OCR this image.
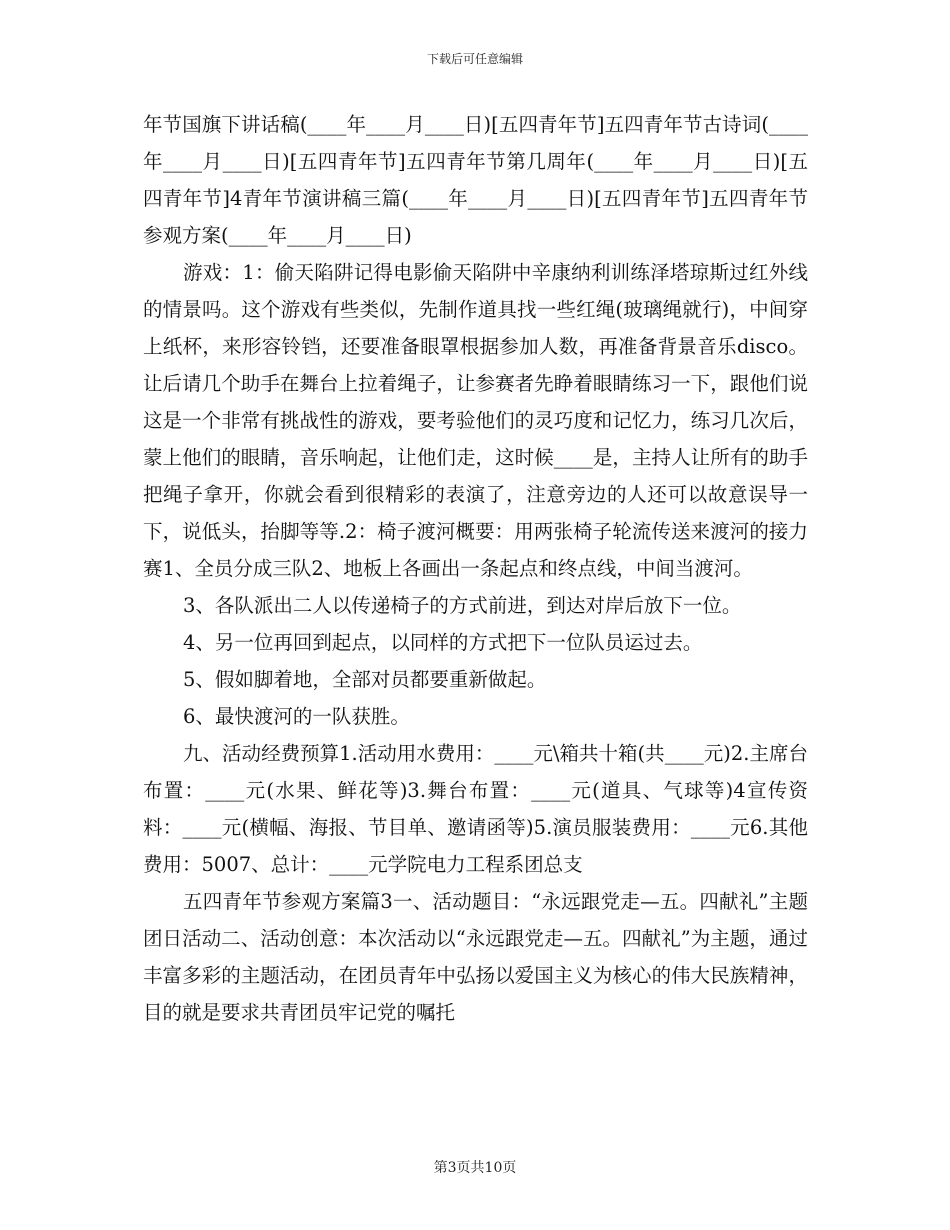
下载后可任意编辑

年节国旗下讲话稿(____年____月____日)[五四青年节]五四青年节古诗词(____年____月____日)[五四青年节]五四青年节第几周年(____年____月____日)[五四青年节]4青年节演讲稿三篇(____年____月____日)[五四青年节]五四青年节参观方案(____年____月____日)

游戏：1：偷天陷阱记得电影偷天陷阱中辛康纳利训练泽塔琼斯过红外线的情景吗。这个游戏有些类似，先制作道具找一些红绳(玻璃绳就行)，中间穿上纸杯，来形容铃铛，还要准备眼罩根据参加人数，再准备背景音乐disco。让后请几个助手在舞台上拉着绳子，让参赛者先睁着眼睛练习一下，跟他们说这是一个非常有挑战性的游戏，要考验他们的灵巧度和记忆力，练习几次后，蒙上他们的眼睛，音乐响起，让他们走，这时候____是，主持人让所有的助手把绳子拿开，你就会看到很精彩的表演了，注意旁边的人还可以故意误导一下，说低头，抬脚等等.2：椅子渡河概要：用两张椅子轮流传送来渡河的接力赛1、全员分成三队2、地板上各画出一条起点和终点线，中间当渡河。

3、各队派出二人以传递椅子的方式前进，到达对岸后放下一位。

4、另一位再回到起点，以同样的方式把下一位队员运过去。

5、假如脚着地，全部对员都要重新做起。

6、最快渡河的一队获胜。

九、活动经费预算1.活动用水费用：____元\箱共十箱(共____元)2.主席台布置：____元(水果、鲜花等)3.舞台布置：____元(道具、气球等)4宣传资料：____元(横幅、海报、节目单、邀请函等)5.演员服装费用：____元6.其他费用：5007、总计：____元学院电力工程系团总支

五四青年节参观方案篇3一、活动题目：“永远跟党走—五。四献礼”主题团日活动二、活动创意：本次活动以“永远跟党走—五。四献礼”为主题，通过丰富多彩的主题活动，在团员青年中弘扬以爱国主义为核心的伟大民族精神，目的就是要求共青团员牢记党的嘱托

第3页共10页
